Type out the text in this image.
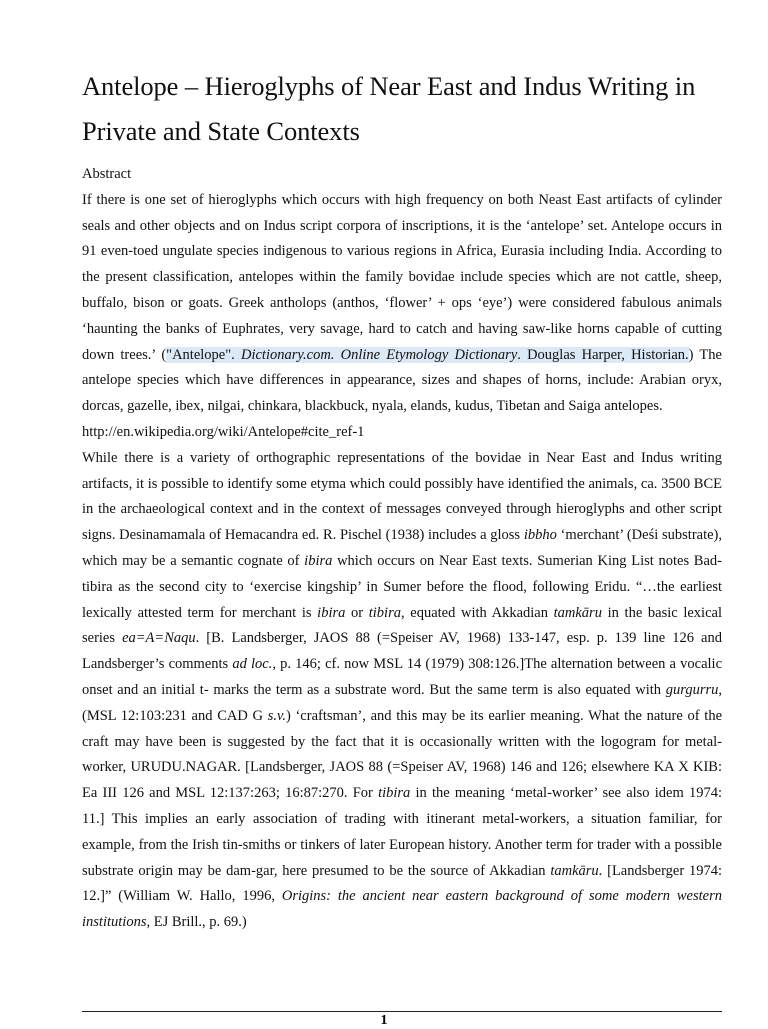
Antelope – Hieroglyphs of Near East and Indus Writing in Private and State Contexts

Abstract

If there is one set of hieroglyphs which occurs with high frequency on both Neast East artifacts of cylinder seals and other objects and on Indus script corpora of inscriptions, it is the ‘antelope’ set. Antelope occurs in 91 even-toed ungulate species indigenous to various regions in Africa, Eurasia including India. According to the present classification, antelopes within the family bovidae include species which are not cattle, sheep, buffalo, bison or goats. Greek antholops (anthos, ‘flower’ + ops ‘eye’) were considered fabulous animals ‘haunting the banks of Euphrates, very savage, hard to catch and having saw-like horns capable of cutting down trees.’ ("Antelope". Dictionary.com. Online Etymology Dictionary. Douglas Harper, Historian.) The antelope species which have differences in appearance, sizes and shapes of horns, include: Arabian oryx, dorcas, gazelle, ibex, nilgai, chinkara, blackbuck, nyala, elands, kudus, Tibetan and Saiga antelopes.

http://en.wikipedia.org/wiki/Antelope#cite_ref-1

While there is a variety of orthographic representations of the bovidae in Near East and Indus writing artifacts, it is possible to identify some etyma which could possibly have identified the animals, ca. 3500 BCE in the archaeological context and in the context of messages conveyed through hieroglyphs and other script signs. Desinamamala of Hemacandra ed. R. Pischel (1938) includes a gloss ibbho ‘merchant’ (Deśi substrate), which may be a semantic cognate of ibira which occurs on Near East texts. Sumerian King List notes Bad-tibira as the second city to ‘exercise kingship’ in Sumer before the flood, following Eridu. “…the earliest lexically attested term for merchant is ibira or tibira, equated with Akkadian tamkāru in the basic lexical series ea=A=Naqu. [B. Landsberger, JAOS 88 (=Speiser AV, 1968) 133-147, esp. p. 139 line 126 and Landsberger’s comments ad loc., p. 146; cf. now MSL 14 (1979) 308:126.]The alternation between a vocalic onset and an initial t- marks the term as a substrate word. But the same term is also equated with gurgurru, (MSL 12:103:231 and CAD G s.v.) ‘craftsman’, and this may be its earlier meaning. What the nature of the craft may have been is suggested by the fact that it is occasionally written with the logogram for metal-worker, URUDU.NAGAR. [Landsberger, JAOS 88 (=Speiser AV, 1968) 146 and 126; elsewhere KA X KIB: Ea III 126 and MSL 12:137:263; 16:87:270. For tibira in the meaning ‘metal-worker’ see also idem 1974: 11.] This implies an early association of trading with itinerant metal-workers, a situation familiar, for example, from the Irish tin-smiths or tinkers of later European history. Another term for trader with a possible substrate origin may be dam-gar, here presumed to be the source of Akkadian tamkāru. [Landsberger 1974: 12.]” (William W. Hallo, 1996, Origins: the ancient near eastern background of some modern western institutions, EJ Brill., p. 69.)

1
